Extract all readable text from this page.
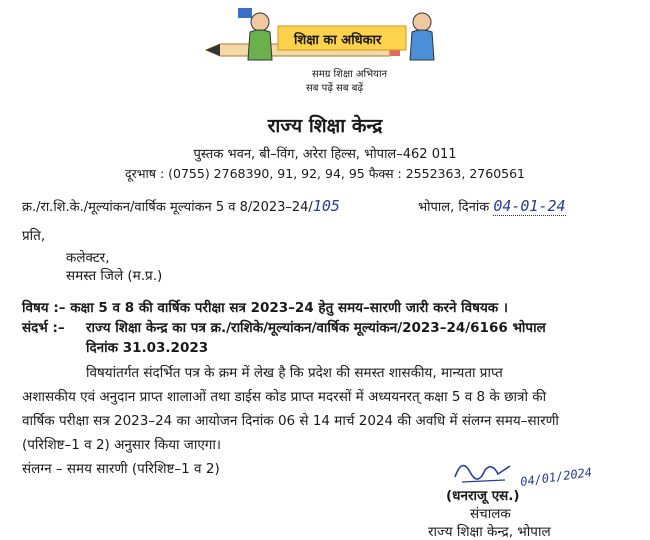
शिक्षा का अधिकार
समग्र शिक्षा अभियान
सब पढ़ें सब बढ़ें
राज्य शिक्षा केन्द्र
पुस्तक भवन, बी–विंग, अरेरा हिल्स, भोपाल–462 011
दूरभाष : (0755) 2768390, 91, 92, 94, 95 फैक्स : 2552363, 2760561
क्र./रा.शि.के./मूल्यांकन/वार्षिक मूल्यांकन 5 व 8/2023–24/105	भोपाल, दिनांक 04-01-24
प्रति,
कलेक्टर,
समस्त जिले (म.प्र.)
विषय :– कक्षा 5 व 8 की वार्षिक परीक्षा सत्र 2023–24 हेतु समय–सारणी जारी करने विषयक ।
संदर्भ :– राज्य शिक्षा केन्द्र का पत्र क्र./राशिके/मूल्यांकन/वार्षिक मूल्यांकन/2023–24/6166 भोपाल
दिनांक 31.03.2023
विषयांतर्गत संदर्भित पत्र के क्रम में लेख है कि प्रदेश की समस्त शासकीय, मान्यता प्राप्त
अशासकीय एवं अनुदान प्राप्त शालाओं तथा डाईस कोड प्राप्त मदरसों में अध्ययनरत् कक्षा 5 व 8 के छात्रो की
वार्षिक परीक्षा सत्र 2023–24 का आयोजन दिनांक 06 से 14 मार्च 2024 की अवधि में संलग्न समय–सारणी
(परिशिष्ट–1 व 2) अनुसार किया जाएगा।
संलग्न – समय सारणी (परिशिष्ट–1 व 2)	04/01/2024
(धनराजू एस.)
संचालक
राज्य शिक्षा केन्द्र, भोपाल
